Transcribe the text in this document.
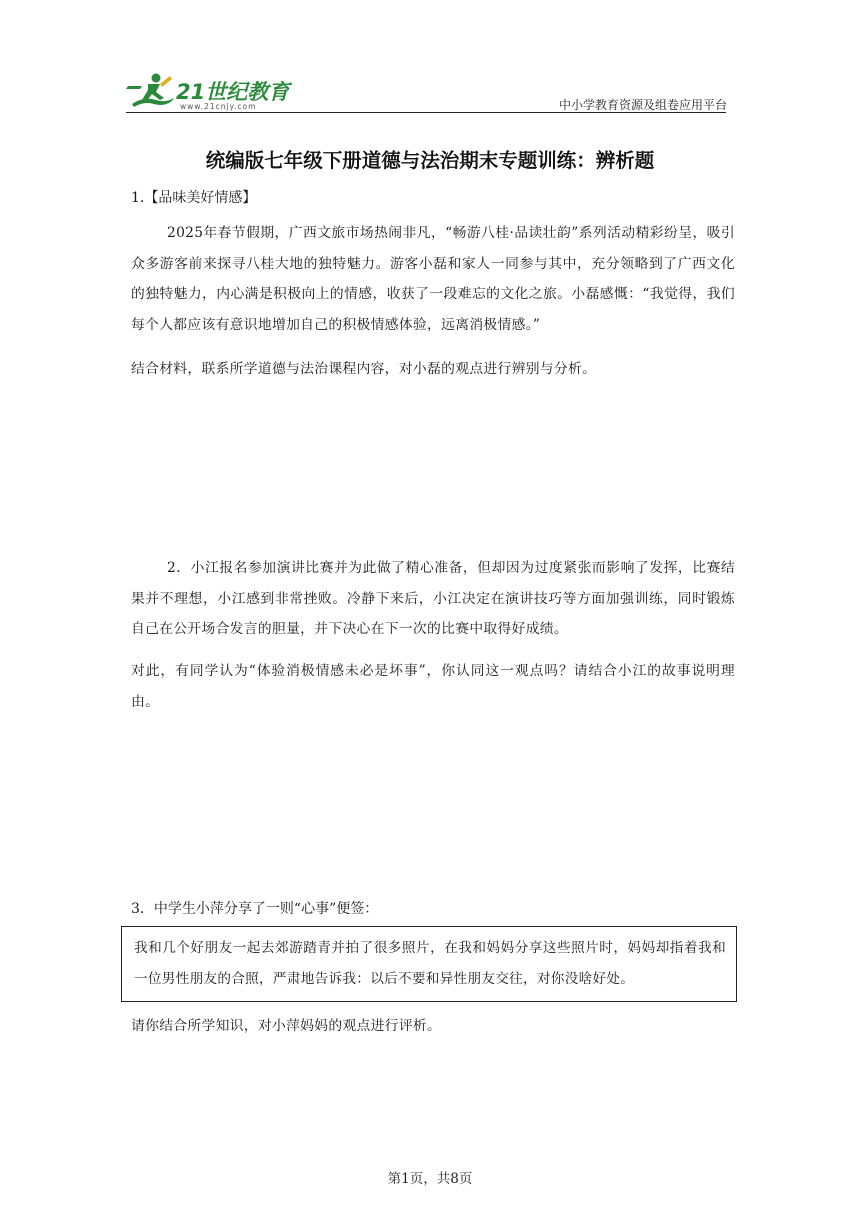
21世纪教育
www.21cnjy.com	中小学教育资源及组卷应用平台
统编版七年级下册道德与法治期末专题训练：辨析题
1.【品味美好情感】
2025年春节假期，广西文旅市场热闹非凡，“畅游八桂·品读壮韵”系列活动精彩纷呈，吸引众多游客前来探寻八桂大地的独特魅力。游客小磊和家人一同参与其中，充分领略到了广西文化的独特魅力，内心满是积极向上的情感，收获了一段难忘的文化之旅。小磊感慨：“我觉得，我们每个人都应该有意识地增加自己的积极情感体验，远离消极情感。”
结合材料，联系所学道德与法治课程内容，对小磊的观点进行辨别与分析。
2．小江报名参加演讲比赛并为此做了精心准备，但却因为过度紧张而影响了发挥，比赛结果并不理想，小江感到非常挫败。冷静下来后，小江决定在演讲技巧等方面加强训练，同时锻炼自己在公开场合发言的胆量，并下决心在下一次的比赛中取得好成绩。
对此，有同学认为“体验消极情感未必是坏事”，你认同这一观点吗？请结合小江的故事说明理由。
3．中学生小萍分享了一则“心事”便签：
我和几个好朋友一起去郊游踏青并拍了很多照片，在我和妈妈分享这些照片时，妈妈却指着我和一位男性朋友的合照，严肃地告诉我：以后不要和异性朋友交往，对你没啥好处。
请你结合所学知识，对小萍妈妈的观点进行评析。
第1页，共8页
